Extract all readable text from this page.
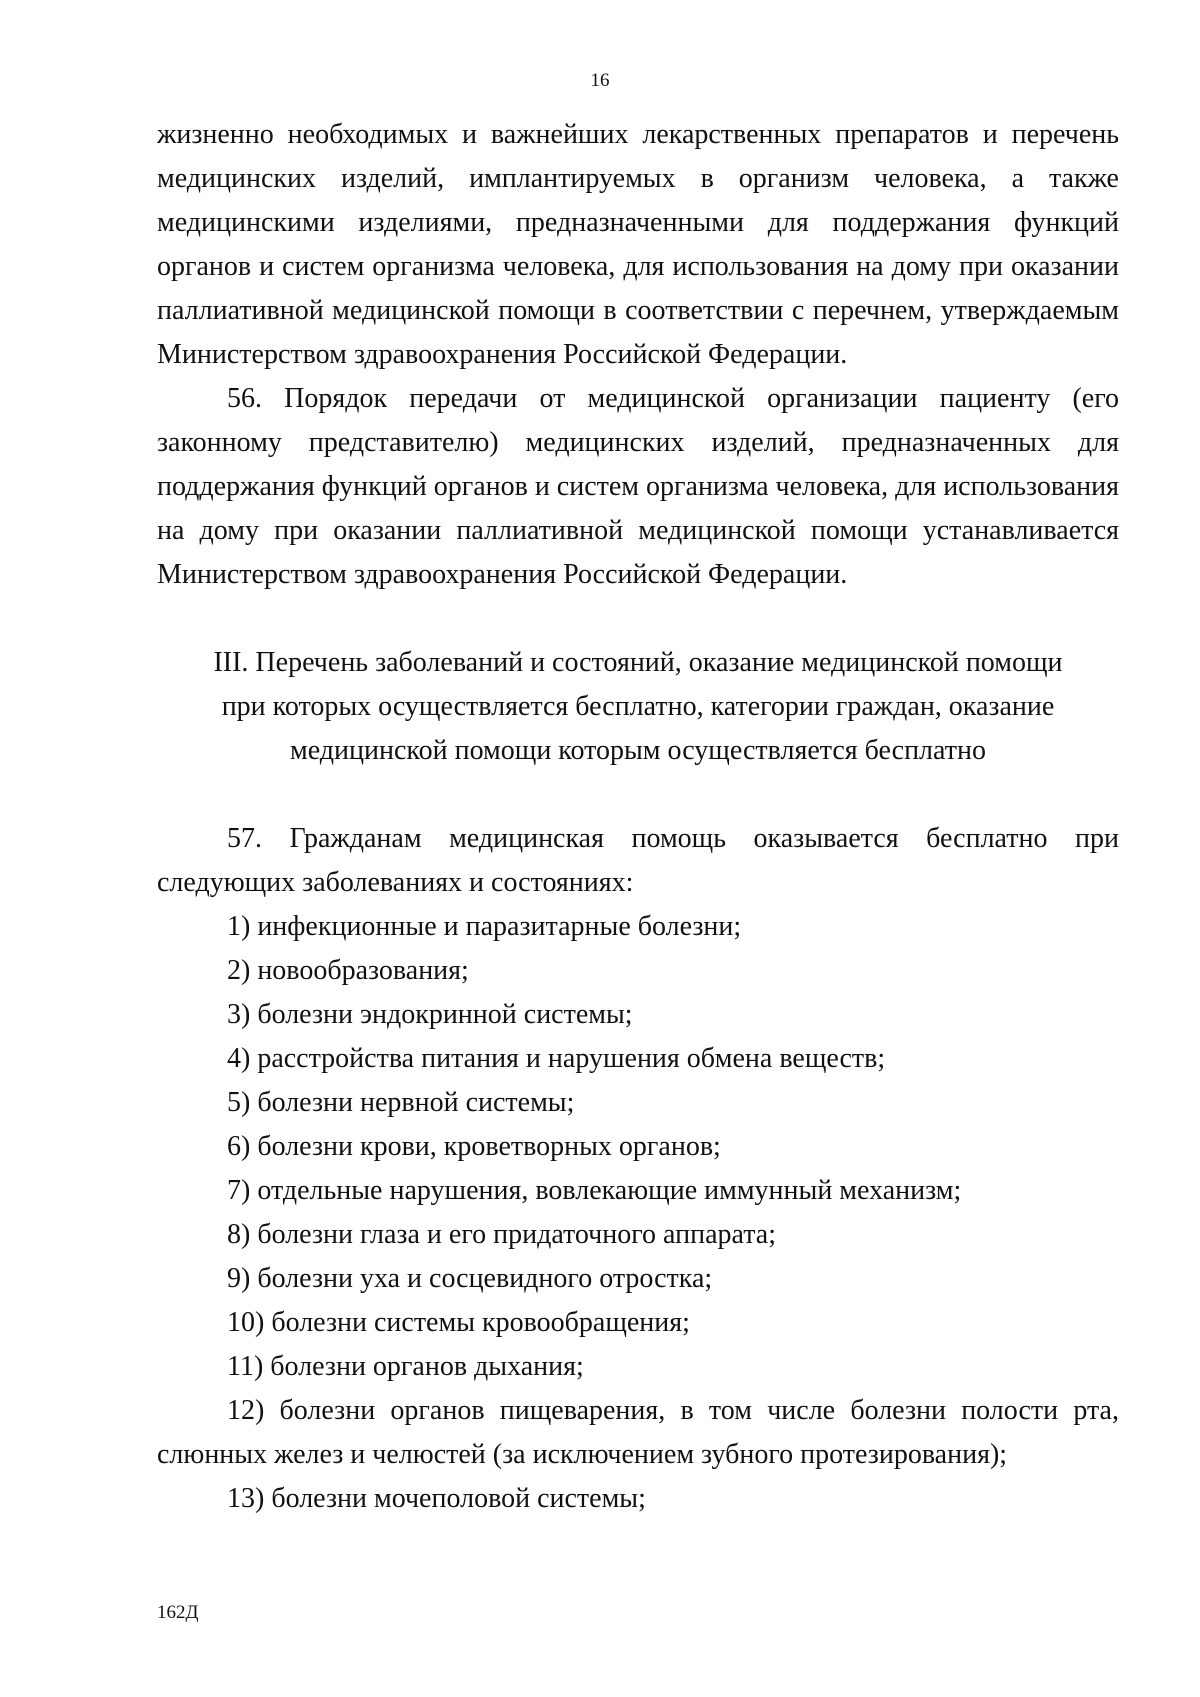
16

жизненно необходимых и важнейших лекарственных препаратов и перечень медицинских изделий, имплантируемых в организм человека, а также медицинскими изделиями, предназначенными для поддержания функций органов и систем организма человека, для использования на дому при оказании паллиативной медицинской помощи в соответствии с перечнем, утверждаемым Министерством здравоохранения Российской Федерации.

56. Порядок передачи от медицинской организации пациенту (его законному представителю) медицинских изделий, предназначенных для поддержания функций органов и систем организма человека, для использования на дому при оказании паллиативной медицинской помощи устанавливается Министерством здравоохранения Российской Федерации.

III. Перечень заболеваний и состояний, оказание медицинской помощи
при которых осуществляется бесплатно, категории граждан, оказание
медицинской помощи которым осуществляется бесплатно

57. Гражданам медицинская помощь оказывается бесплатно при следующих заболеваниях и состояниях:

1) инфекционные и паразитарные болезни;

2) новообразования;

3) болезни эндокринной системы;

4) расстройства питания и нарушения обмена веществ;

5) болезни нервной системы;

6) болезни крови, кроветворных органов;

7) отдельные нарушения, вовлекающие иммунный механизм;

8) болезни глаза и его придаточного аппарата;

9) болезни уха и сосцевидного отростка;

10) болезни системы кровообращения;

11) болезни органов дыхания;

12) болезни органов пищеварения, в том числе болезни полости рта, слюнных желез и челюстей (за исключением зубного протезирования);

13) болезни мочеполовой системы;

162Д
